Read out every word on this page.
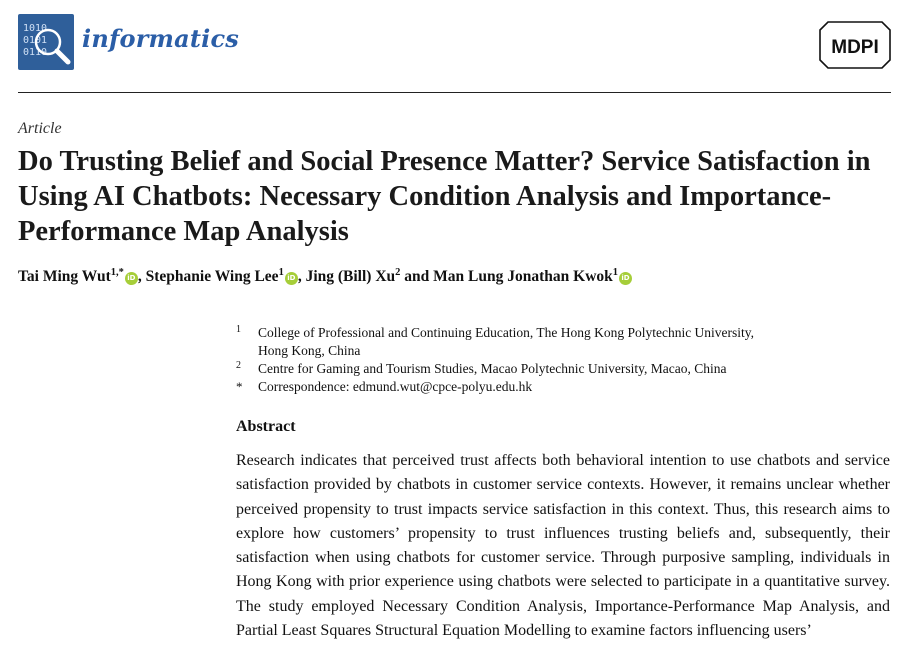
1010
0101
0110 informatics	MDPI
Article
Do Trusting Belief and Social Presence Matter? Service Satisfaction in Using AI Chatbots: Necessary Condition Analysis and Importance-Performance Map Analysis
Tai Ming Wut$^{1,*}$ iD , Stephanie Wing Lee$^1$ iD , Jing (Bill) Xu$^2$ and Man Lung Jonathan Kwok$^1$ iD
1 College of Professional and Continuing Education, The Hong Kong Polytechnic University,
Hong Kong, China
2 Centre for Gaming and Tourism Studies, Macao Polytechnic University, Macao, China
* Correspondence: edmund.wut@cpce-polyu.edu.hk
Abstract

Research indicates that perceived trust affects both behavioral intention to use chatbots and service satisfaction provided by chatbots in customer service contexts. However, it remains unclear whether perceived propensity to trust impacts service satisfaction in this context. Thus, this research aims to explore how customers’ propensity to trust influences trusting beliefs and, subsequently, their satisfaction when using chatbots for customer service. Through purposive sampling, individuals in Hong Kong with prior experience using chatbots were selected to participate in a quantitative survey. The study employed Necessary Condition Analysis, Importance-Performance Map Analysis, and Partial Least Squares Structural Equation Modelling to examine factors influencing users’
